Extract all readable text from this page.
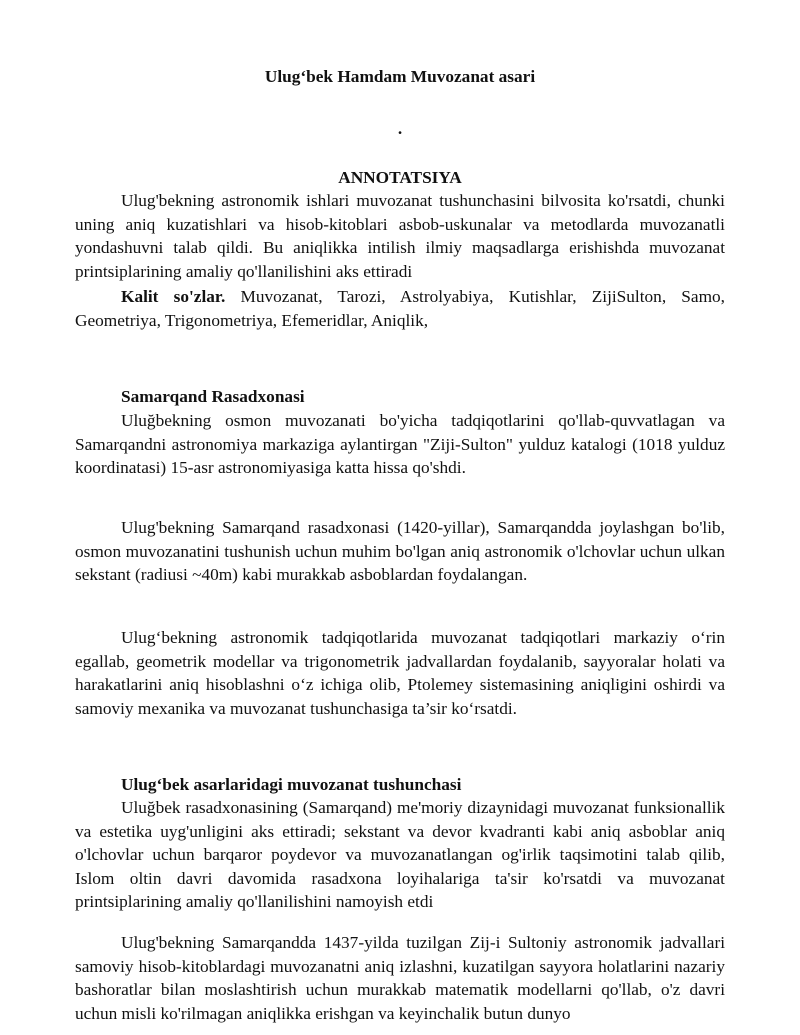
Ulug‘bek Hamdam Muvozanat asari

.

ANNOTATSIYA

Ulug'bekning astronomik ishlari muvozanat tushunchasini bilvosita ko'rsatdi, chunki uning aniq kuzatishlari va hisob-kitoblari asbob-uskunalar va metodlarda muvozanatli yondashuvni talab qildi. Bu aniqlikka intilish ilmiy maqsadlarga erishishda muvozanat printsiplarining amaliy qo'llanilishini aks ettiradi

Kalit so'zlar. Muvozanat, Tarozi, Astrolyabiya, Kutishlar, ZijiSulton, Samo, Geometriya, Trigonometriya, Efemeridlar, Aniqlik,

Samarqand Rasadxonasi

Uluğbekning osmon muvozanati bo'yicha tadqiqotlarini qo'llab-quvvatlagan va Samarqandni astronomiya markaziga aylantirgan "Ziji-Sulton" yulduz katalogi (1018 yulduz koordinatasi) 15-asr astronomiyasiga katta hissa qo'shdi.

Ulug'bekning Samarqand rasadxonasi (1420-yillar), Samarqandda joylashgan bo'lib, osmon muvozanatini tushunish uchun muhim bo'lgan aniq astronomik o'lchovlar uchun ulkan sekstant (radiusi ~40m) kabi murakkab asboblardan foydalangan.

Ulug‘bekning astronomik tadqiqotlarida muvozanat tadqiqotlari markaziy o‘rin egallab, geometrik modellar va trigonometrik jadvallardan foydalanib, sayyoralar holati va harakatlarini aniq hisoblashni o‘z ichiga olib, Ptolemey sistemasining aniqligini oshirdi va samoviy mexanika va muvozanat tushunchasiga ta’sir ko‘rsatdi.

Ulug‘bek asarlaridagi muvozanat tushunchasi

Uluğbek rasadxonasining (Samarqand) me'moriy dizaynidagi muvozanat funksionallik va estetika uyg'unligini aks ettiradi; sekstant va devor kvadranti kabi aniq asboblar aniq o'lchovlar uchun barqaror poydevor va muvozanatlangan og'irlik taqsimotini talab qilib, Islom oltin davri davomida rasadxona loyihalariga ta'sir ko'rsatdi va muvozanat printsiplarining amaliy qo'llanilishini namoyish etdi

Ulug'bekning Samarqandda 1437-yilda tuzilgan Zij-i Sultoniy astronomik jadvallari samoviy hisob-kitoblardagi muvozanatni aniq izlashni, kuzatilgan sayyora holatlarini nazariy bashoratlar bilan moslashtirish uchun murakkab matematik modellarni qo'llab, o'z davri uchun misli ko'rilmagan aniqlikka erishgan va keyinchalik butun dunyo
